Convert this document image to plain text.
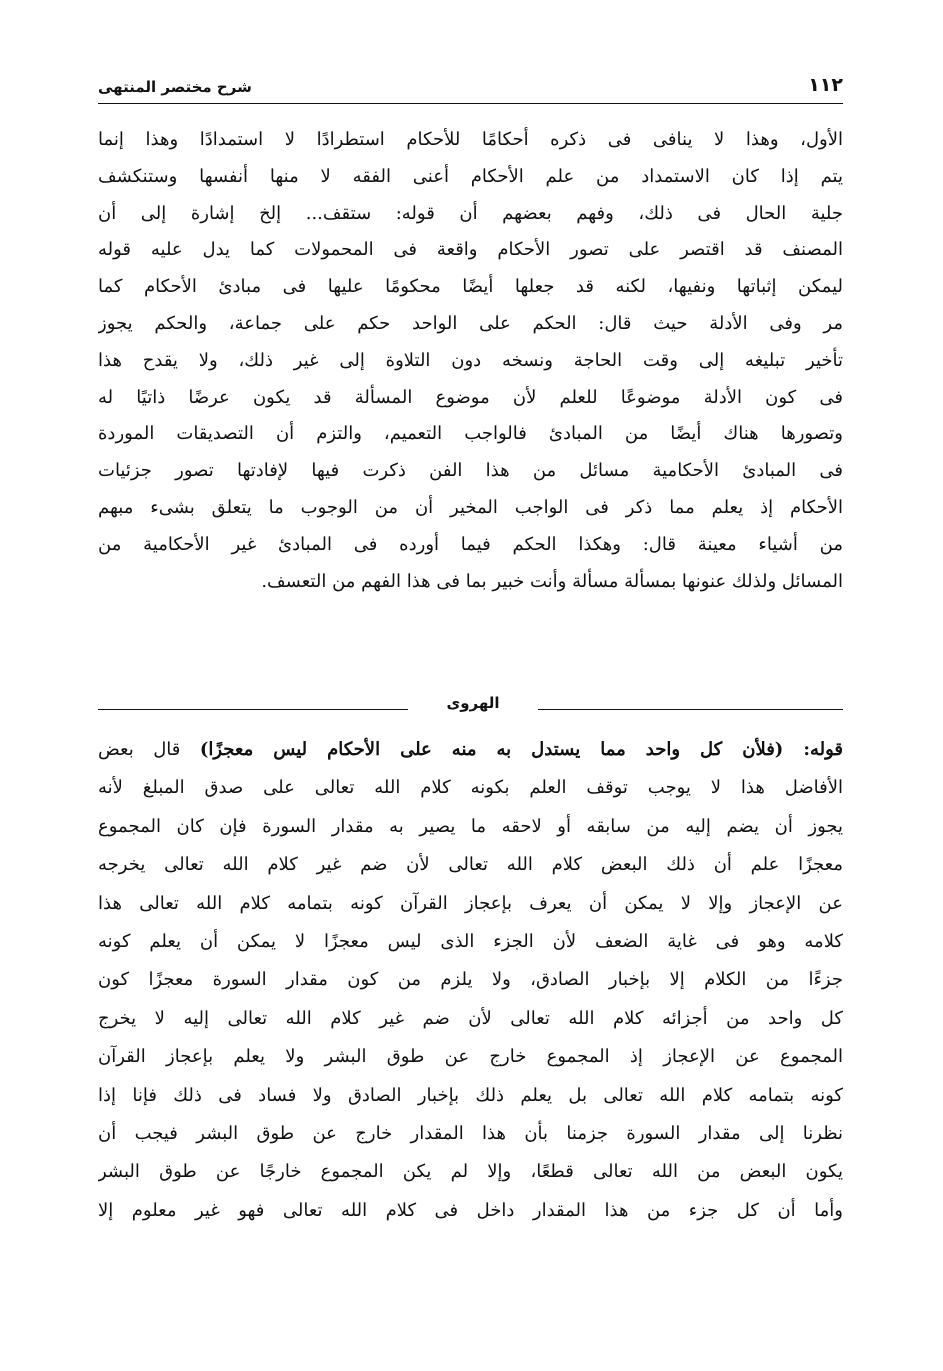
١١٢
شرح مختصر المنتهى
الأول، وهذا لا ينافى فى ذكره أحكامًا للأحكام استطرادًا لا استمدادًا وهذا إنما
يتم إذا كان الاستمداد من علم الأحكام أعنى الفقه لا منها أنفسها وستنكشف
جلية الحال فى ذلك، وفهم بعضهم أن قوله: ستقف... إلخ إشارة إلى أن
المصنف قد اقتصر على تصور الأحكام واقعة فى المحمولات كما يدل عليه قوله
ليمكن إثباتها ونفيها، لكنه قد جعلها أيضًا محكومًا عليها فى مبادئ الأحكام كما
مر وفى الأدلة حيث قال: الحكم على الواحد حكم على جماعة، والحكم يجوز
تأخير تبليغه إلى وقت الحاجة ونسخه دون التلاوة إلى غير ذلك، ولا يقدح هذا
فى كون الأدلة موضوعًا للعلم لأن موضوع المسألة قد يكون عرضًا ذاتيًا له
وتصورها هناك أيضًا من المبادئ فالواجب التعميم، والتزم أن التصديقات الموردة
فى المبادئ الأحكامية مسائل من هذا الفن ذكرت فيها لإفادتها تصور جزئيات
الأحكام إذ يعلم مما ذكر فى الواجب المخير أن من الوجوب ما يتعلق بشىء مبهم
من أشياء معينة قال: وهكذا الحكم فيما أورده فى المبادئ غير الأحكامية من
المسائل ولذلك عنونها بمسألة مسألة وأنت خبير بما فى هذا الفهم من التعسف.
الهروى
قوله: (فلأن كل واحد مما يستدل به منه على الأحكام ليس معجزًا) قال بعض
الأفاضل هذا لا يوجب توقف العلم بكونه كلام الله تعالى على صدق المبلغ لأنه
يجوز أن يضم إليه من سابقه أو لاحقه ما يصير به مقدار السورة فإن كان المجموع
معجزًا علم أن ذلك البعض كلام الله تعالى لأن ضم غير كلام الله تعالى يخرجه
عن الإعجاز وإلا لا يمكن أن يعرف بإعجاز القرآن كونه بتمامه كلام الله تعالى هذا
كلامه وهو فى غاية الضعف لأن الجزء الذى ليس معجزًا لا يمكن أن يعلم كونه
جزءًا من الكلام إلا بإخبار الصادق، ولا يلزم من كون مقدار السورة معجزًا كون
كل واحد من أجزائه كلام الله تعالى لأن ضم غير كلام الله تعالى إليه لا يخرج
المجموع عن الإعجاز إذ المجموع خارج عن طوق البشر ولا يعلم بإعجاز القرآن
كونه بتمامه كلام الله تعالى بل يعلم ذلك بإخبار الصادق ولا فساد فى ذلك فإنا إذا
نظرنا إلى مقدار السورة جزمنا بأن هذا المقدار خارج عن طوق البشر فيجب أن
يكون البعض من الله تعالى قطعًا، وإلا لم يكن المجموع خارجًا عن طوق البشر
وأما أن كل جزء من هذا المقدار داخل فى كلام الله تعالى فهو غير معلوم إلا
